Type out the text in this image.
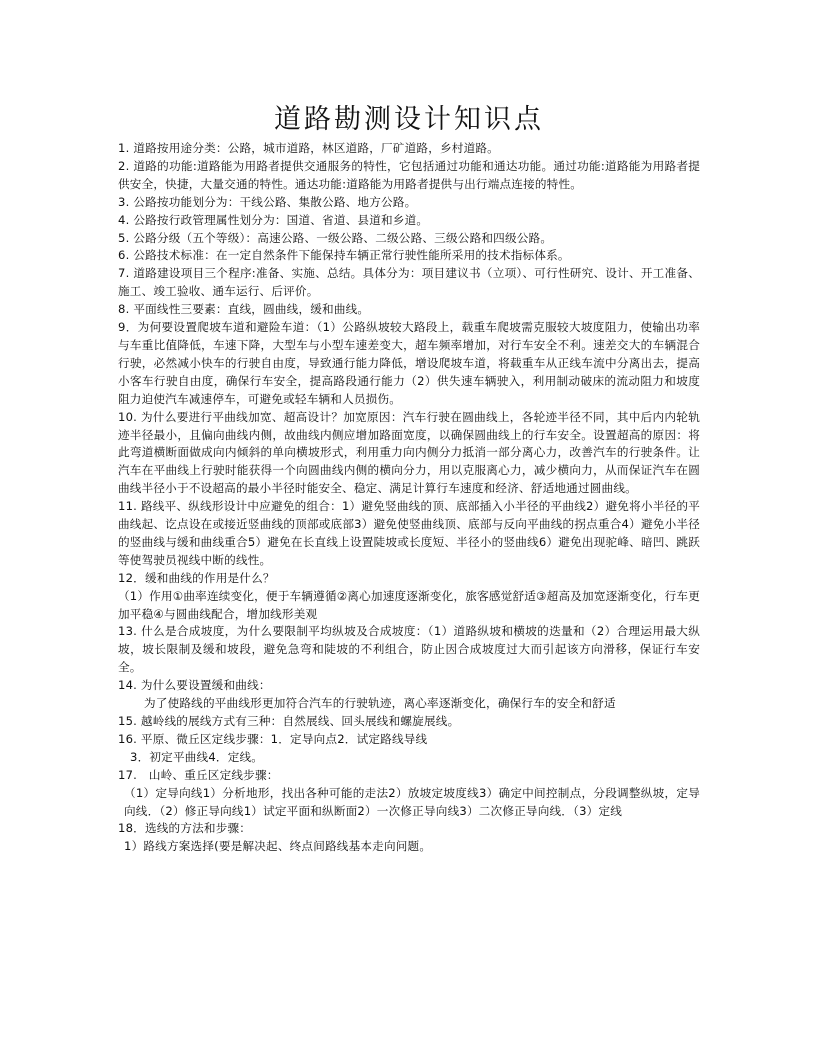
道路勘测设计知识点

1. 道路按用途分类：公路，城市道路，林区道路，厂矿道路，乡村道路。

2. 道路的功能:道路能为用路者提供交通服务的特性，它包括通过功能和通达功能。通过功能:道路能为用路者提供安全，快捷，大量交通的特性。通达功能:道路能为用路者提供与出行端点连接的特性。

3. 公路按功能划分为：干线公路、集散公路、地方公路。

4. 公路按行政管理属性划分为：国道、省道、县道和乡道。

5. 公路分级（五个等级）：高速公路、一级公路、二级公路、三级公路和四级公路。

6. 公路技术标准：在一定自然条件下能保持车辆正常行驶性能所采用的技术指标体系。

7. 道路建设项目三个程序:准备、实施、总结。具体分为：项目建议书（立项）、可行性研究、设计、开工准备、施工、竣工验收、通车运行、后评价。

8. 平面线性三要素：直线，圆曲线，缓和曲线。

9．为何要设置爬坡车道和避险车道：（1）公路纵坡较大路段上，载重车爬坡需克服较大坡度阻力，使输出功率与车重比值降低，车速下降，大型车与小型车速差变大，超车频率增加，对行车安全不利。速差交大的车辆混合行驶，必然减小快车的行驶自由度，导致通行能力降低，增设爬坡车道，将载重车从正线车流中分离出去，提高小客车行驶自由度，确保行车安全，提高路段通行能力（2）供失速车辆驶入，利用制动破床的流动阻力和坡度阻力迫使汽车减速停车，可避免或轻车辆和人员损伤。

10. 为什么要进行平曲线加宽、超高设计？加宽原因：汽车行驶在圆曲线上，各轮迹半径不同，其中后内内轮轨迹半径最小，且偏向曲线内侧，故曲线内侧应增加路面宽度，以确保圆曲线上的行车安全。设置超高的原因：将此弯道横断面做成向内倾斜的单向横坡形式，利用重力向内侧分力抵消一部分离心力，改善汽车的行驶条件。让汽车在平曲线上行驶时能获得一个向圆曲线内侧的横向分力，用以克服离心力，减少横向力，从而保证汽车在圆曲线半径小于不设超高的最小半径时能安全、稳定、满足计算行车速度和经济、舒适地通过圆曲线。

11. 路线平、纵线形设计中应避免的组合：1）避免竖曲线的顶、底部插入小半径的平曲线2）避免将小半径的平曲线起、讫点设在或接近竖曲线的顶部或底部3）避免使竖曲线顶、底部与反向平曲线的拐点重合4）避免小半径的竖曲线与缓和曲线重合5）避免在长直线上设置陡坡或长度短、半径小的竖曲线6）避免出现驼峰、暗凹、跳跃等使驾驶员视线中断的线性。

12．缓和曲线的作用是什么？

（1）作用①曲率连续变化，便于车辆遵循②离心加速度逐渐变化，旅客感觉舒适③超高及加宽逐渐变化，行车更加平稳④与圆曲线配合，增加线形美观

13. 什么是合成坡度，为什么要限制平均纵坡及合成坡度：（1）道路纵坡和横坡的迭量和（2）合理运用最大纵坡，坡长限制及缓和坡段，避免急弯和陡坡的不利组合，防止因合成坡度过大而引起该方向滑移，保证行车安全。

14. 为什么要设置缓和曲线：

为了使路线的平曲线形更加符合汽车的行驶轨迹，离心率逐渐变化，确保行车的安全和舒适

15. 越岭线的展线方式有三种：自然展线、回头展线和螺旋展线。

16. 平原、微丘区定线步骤：1．定导向点2．试定路线导线

3．初定平曲线4．定线。

17.　山岭、重丘区定线步骤：

（1）定导向线1）分析地形，找出各种可能的走法2）放坡定坡度线3）确定中间控制点，分段调整纵坡，定导向线．（2）修正导向线1）试定平面和纵断面2）一次修正导向线3）二次修正导向线．（3）定线

18．选线的方法和步骤：

1）路线方案选择(要是解决起、终点间路线基本走向问题。
